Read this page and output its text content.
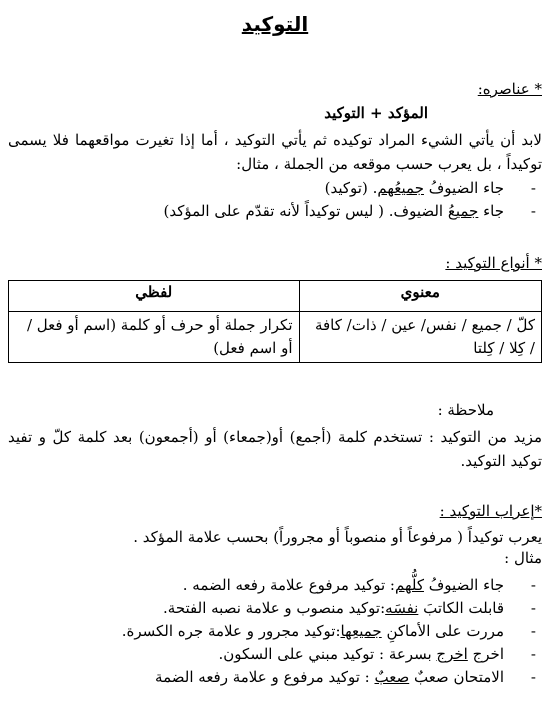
التوكيد
* عناصره:
المؤكد + التوكيد
لابد أن يأتي الشيء المراد توكيده ثم يأتي التوكيد ، أما إذا تغيرت مواقعهما فلا يسمى توكيداً ، بل يعرب حسب موقعه من الجملة ، مثال:
- جاء الضيوفُ جميعُهم. (توكيد)
- جاء جميعُ الضيوف. ( ليس توكيداً لأنه تقدّم على المؤكد)
* أنواع التوكيد :
معنوي	لفظي
كلّ / جميع / نفس/ عين / ذات/ كافة / كِلا / كِلتا	تكرار جملة أو حرف أو كلمة (اسم أو فعل / أو اسم فعل)
ملاحظة :
مزيد من التوكيد : تستخدم كلمة (أجمع) أو(جمعاء) أو (أجمعون) بعد كلمة كلّ و تفيد توكيد التوكيد.
*إعراب التوكيد :
يعرب توكيداً ( مرفوعاً أو منصوباً أو مجروراً) بحسب علامة المؤكد .
مثال :
- جاء الضيوفُ كلُّهم: توكيد مرفوع علامة رفعه الضمه .
- قابلت الكاتبَ نفسَه:توكيد منصوب و علامة نصبه الفتحة.
- مررت على الأماكنِ جميعِها:توكيد مجرور و علامة جره الكسرة.
- اخرج اخرج بسرعة : توكيد مبني على السكون.
- الامتحان صعبٌ صعبٌ : توكيد مرفوع و علامة رفعه الضمة
